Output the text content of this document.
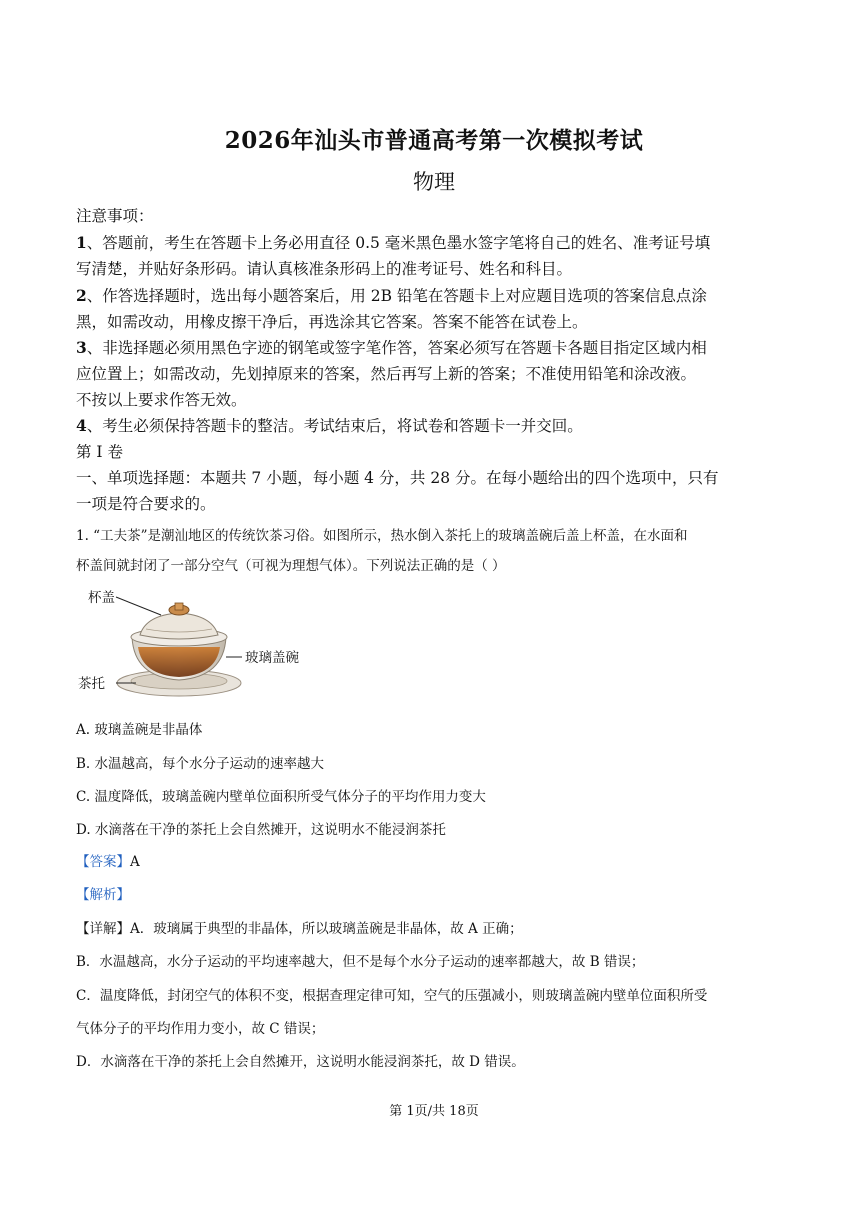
2026年汕头市普通高考第一次模拟考试
物理
注意事项：
1、答题前，考生在答题卡上务必用直径 0.5 毫米黑色墨水签字笔将自己的姓名、准考证号填
写清楚，并贴好条形码。请认真核准条形码上的准考证号、姓名和科目。
2、作答选择题时，选出每小题答案后，用 2B 铅笔在答题卡上对应题目选项的答案信息点涂
黑，如需改动，用橡皮擦干净后，再选涂其它答案。答案不能答在试卷上。
3、非选择题必须用黑色字迹的钢笔或签字笔作答，答案必须写在答题卡各题目指定区域内相
应位置上；如需改动，先划掉原来的答案，然后再写上新的答案；不准使用铅笔和涂改液。
不按以上要求作答无效。
4、考生必须保持答题卡的整洁。考试结束后，将试卷和答题卡一并交回。
第 I 卷
一、单项选择题：本题共 7 小题，每小题 4 分，共 28 分。在每小题给出的四个选项中，只有
一项是符合要求的。
1. “工夫茶”是潮汕地区的传统饮茶习俗。如图所示，热水倒入茶托上的玻璃盖碗后盖上杯盖，在水面和
杯盖间就封闭了一部分空气（可视为理想气体）。下列说法正确的是（ ）
杯盖
玻璃盖碗
茶托
A. 玻璃盖碗是非晶体
B. 水温越高，每个水分子运动的速率越大
C. 温度降低，玻璃盖碗内壁单位面积所受气体分子的平均作用力变大
D. 水滴落在干净的茶托上会自然摊开，这说明水不能浸润茶托
【答案】A
【解析】
【详解】A．玻璃属于典型的非晶体，所以玻璃盖碗是非晶体，故 A 正确；
B．水温越高，水分子运动的平均速率越大，但不是每个水分子运动的速率都越大，故 B 错误；
C．温度降低，封闭空气的体积不变，根据查理定律可知，空气的压强减小，则玻璃盖碗内壁单位面积所受
气体分子的平均作用力变小，故 C 错误；
D．水滴落在干净的茶托上会自然摊开，这说明水能浸润茶托，故 D 错误。
第 1页/共 18页
